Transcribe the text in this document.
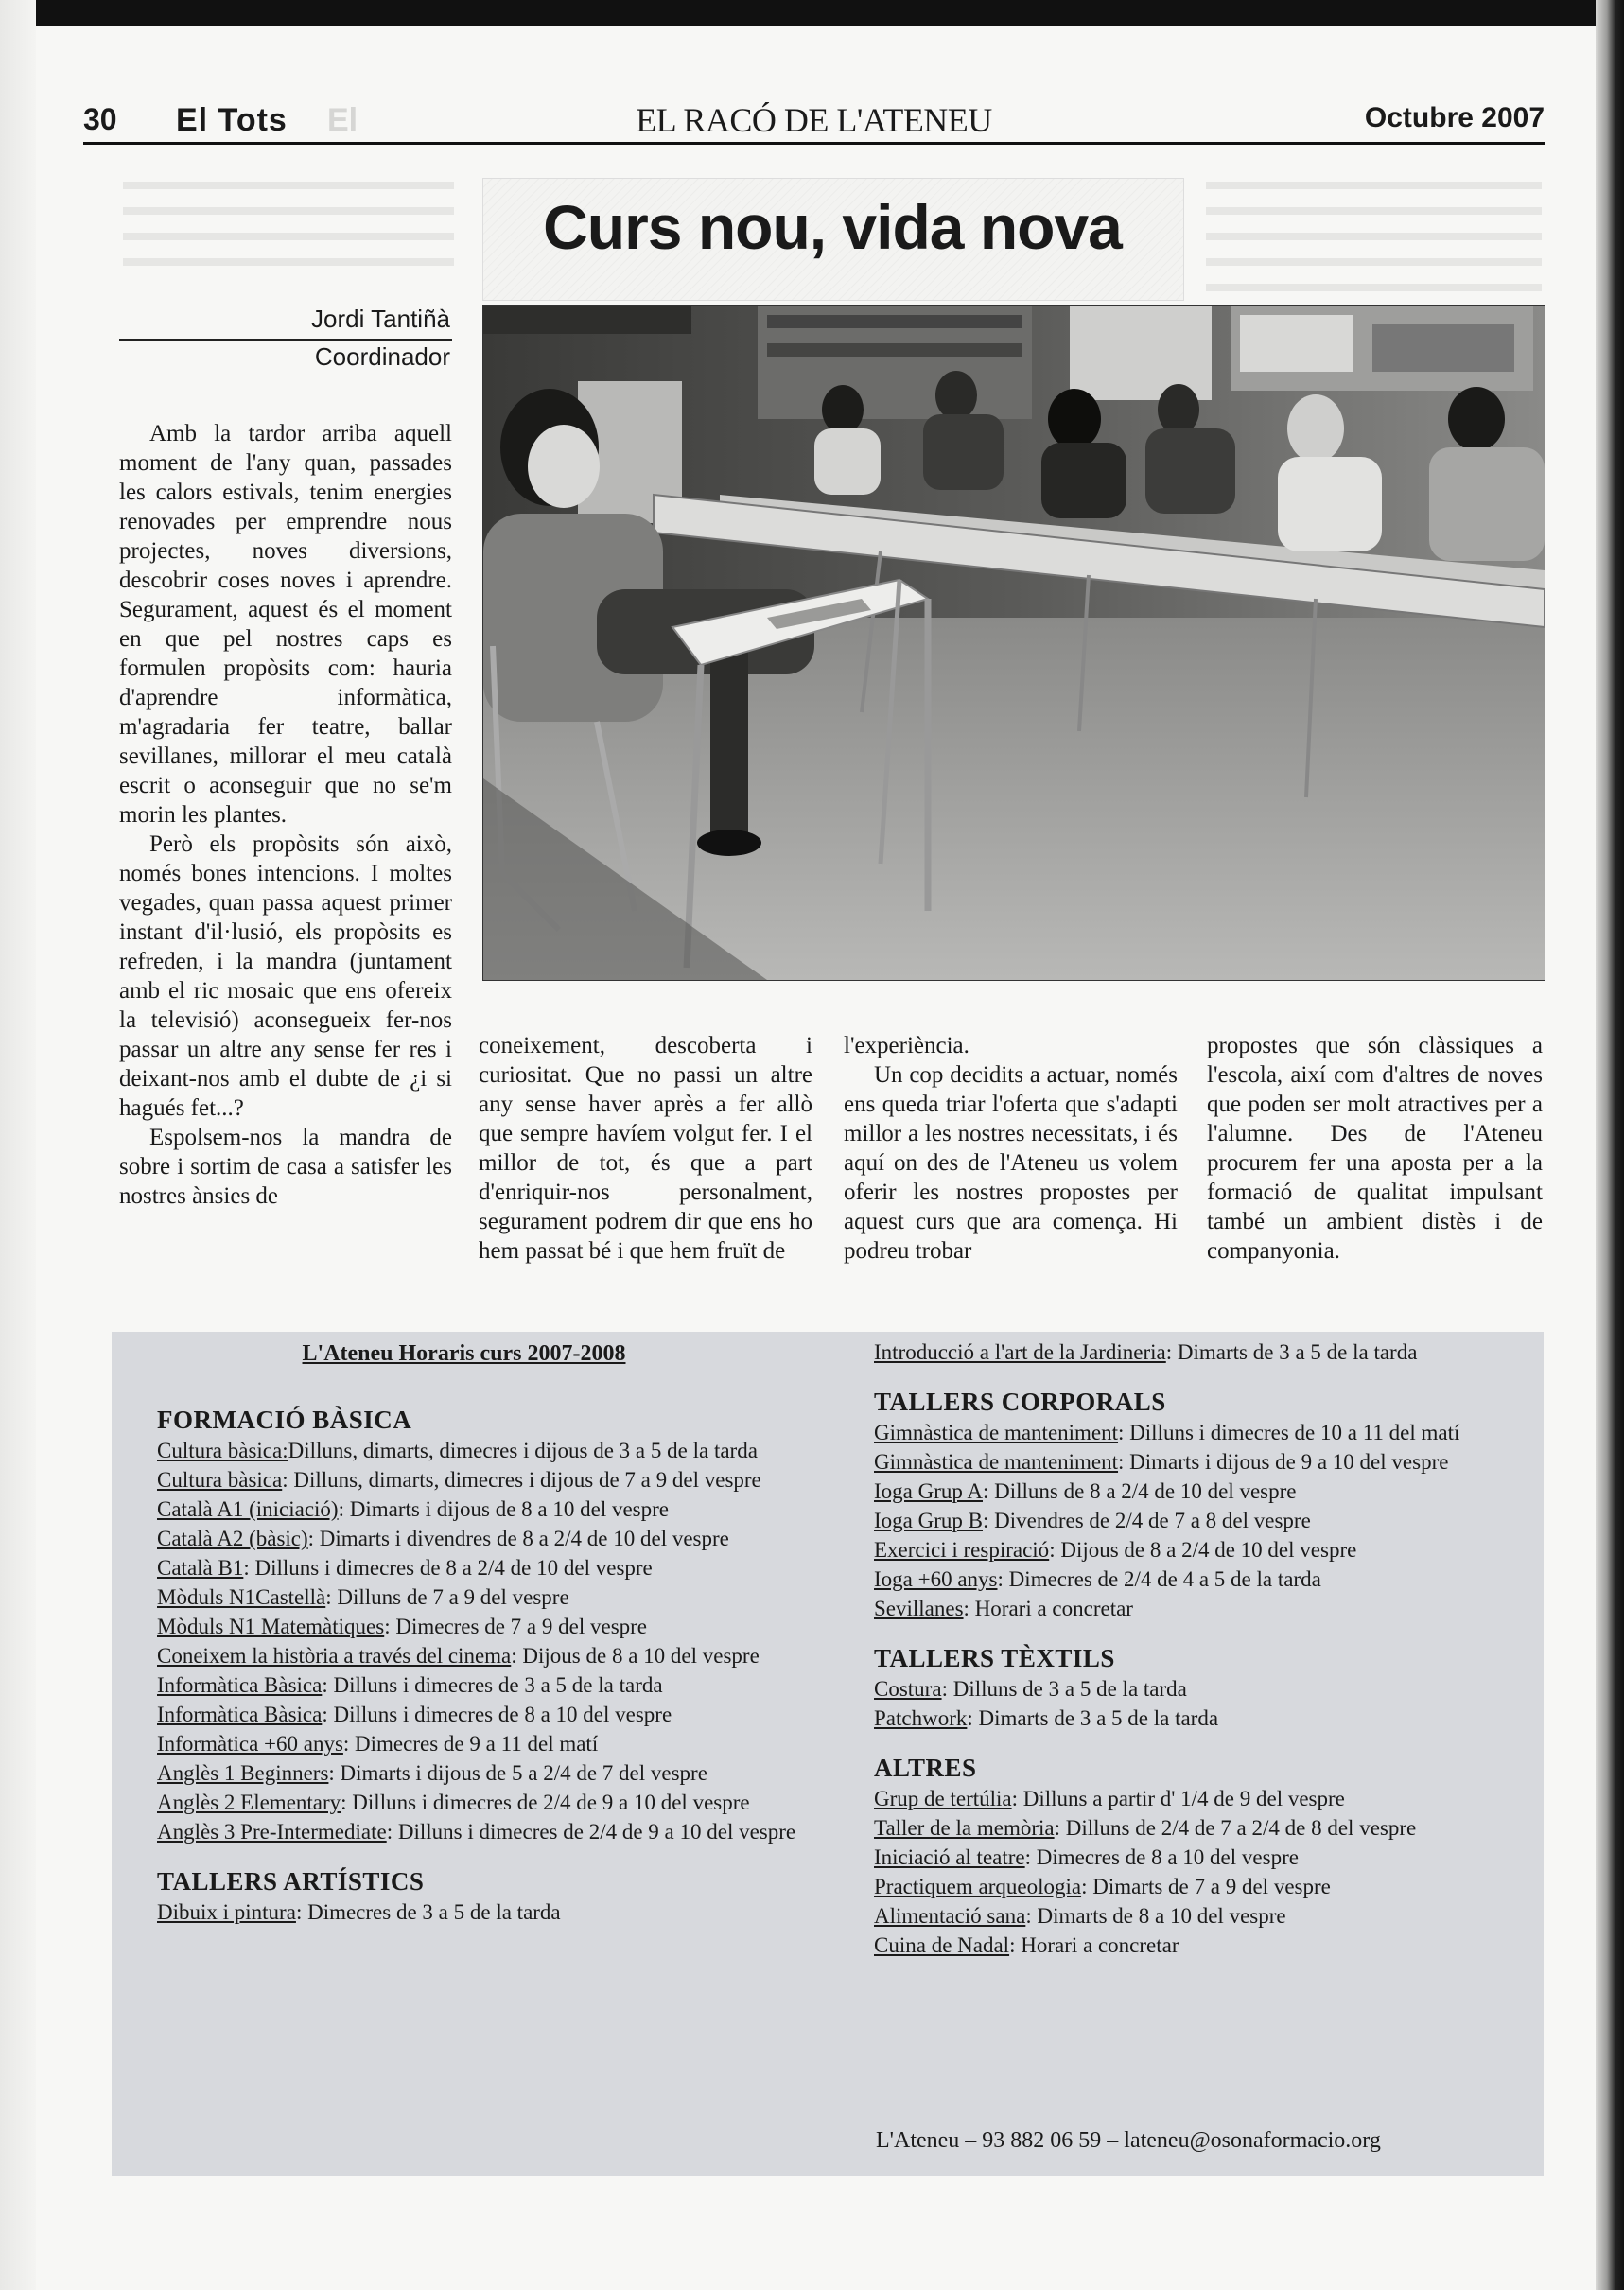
30 El Tots El	EL RACÓ DE L'ATENEU	Octubre 2007
Curs nou, vida nova
Jordi Tantiñà
Coordinador

Amb la tardor arriba aquell moment de l'any quan, passades les calors estivals, tenim energies renovades per emprendre nous projectes, noves diversions, descobrir coses noves i aprendre. Segurament, aquest és el moment en que pel nostres caps es formulen propòsits com: hauria d'aprendre informàtica, m'agradaria fer teatre, ballar sevillanes, millorar el meu català escrit o aconseguir que no se'm morin les plantes.

Però els propòsits són això, només bones intencions. I moltes vegades, quan passa aquest primer instant d'il·lusió, els propòsits es refreden, i la mandra (juntament amb el ric mosaic que ens ofereix la televisió) aconsegueix fer-nos passar un altre any sense fer res i deixant-nos amb el dubte de ¿i si hagués fet...?

Espolsem-nos la mandra de sobre i sortim de casa a satisfer les nostres ànsies de

coneixement, descoberta i curiositat. Que no passi un altre any sense haver après a fer allò que sempre havíem volgut fer. I el millor de tot, és que a part d'enriquir-nos personalment, segurament podrem dir que ens ho hem passat bé i que hem fruït de

l'experiència.

Un cop decidits a actuar, només ens queda triar l'oferta que s'adapti millor a les nostres necessitats, i és aquí on des de l'Ateneu us volem oferir les nostres propostes per aquest curs que ara comença. Hi podreu trobar

propostes que són clàssiques a l'escola, així com d'altres de noves que poden ser molt atractives per a l'alumne. Des de l'Ateneu procurem fer una aposta per a la formació de qualitat impulsant també un ambient distès i de companyonia.

L'Ateneu Horaris curs 2007-2008
FORMACIÓ BÀSICA
Cultura bàsica:Dilluns, dimarts, dimecres i dijous de 3 a 5 de la tarda
Cultura bàsica: Dilluns, dimarts, dimecres i dijous de 7 a 9 del vespre
Català A1 (iniciació): Dimarts i dijous de 8 a 10 del vespre
Català A2 (bàsic): Dimarts i divendres de 8 a 2/4 de 10 del vespre
Català B1: Dilluns i dimecres de 8 a 2/4 de 10 del vespre
Mòduls N1Castellà: Dilluns de 7 a 9 del vespre
Mòduls N1 Matemàtiques: Dimecres de 7 a 9 del vespre
Coneixem la història a través del cinema: Dijous de 8 a 10 del vespre
Informàtica Bàsica: Dilluns i dimecres de 3 a 5 de la tarda
Informàtica Bàsica: Dilluns i dimecres de 8 a 10 del vespre
Informàtica +60 anys: Dimecres de 9 a 11 del matí
Anglès 1 Beginners: Dimarts i dijous de 5 a 2/4 de 7 del vespre
Anglès 2 Elementary: Dilluns i dimecres de 2/4 de 9 a 10 del vespre
Anglès 3 Pre-Intermediate: Dilluns i dimecres de 2/4 de 9 a 10 del vespre
TALLERS ARTÍSTICS
Dibuix i pintura: Dimecres de 3 a 5 de la tarda
Introducció a l'art de la Jardineria: Dimarts de 3 a 5 de la tarda
TALLERS CORPORALS
Gimnàstica de manteniment: Dilluns i dimecres de 10 a 11 del matí
Gimnàstica de manteniment: Dimarts i dijous de 9 a 10 del vespre
Ioga Grup A: Dilluns de 8 a 2/4 de 10 del vespre
Ioga Grup B: Divendres de 2/4 de 7 a 8 del vespre
Exercici i respiració: Dijous de 8 a 2/4 de 10 del vespre
Ioga +60 anys: Dimecres de 2/4 de 4 a 5 de la tarda
Sevillanes: Horari a concretar
TALLERS TÈXTILS
Costura: Dilluns de 3 a 5 de la tarda
Patchwork: Dimarts de 3 a 5 de la tarda
ALTRES
Grup de tertúlia: Dilluns a partir d' 1/4 de 9 del vespre
Taller de la memòria: Dilluns de 2/4 de 7 a 2/4 de 8 del vespre
Iniciació al teatre: Dimecres de 8 a 10 del vespre
Practiquem arqueologia: Dimarts de 7 a 9 del vespre
Alimentació sana: Dimarts de 8 a 10 del vespre
Cuina de Nadal: Horari a concretar
L'Ateneu – 93 882 06 59 – lateneu@osonaformacio.org
